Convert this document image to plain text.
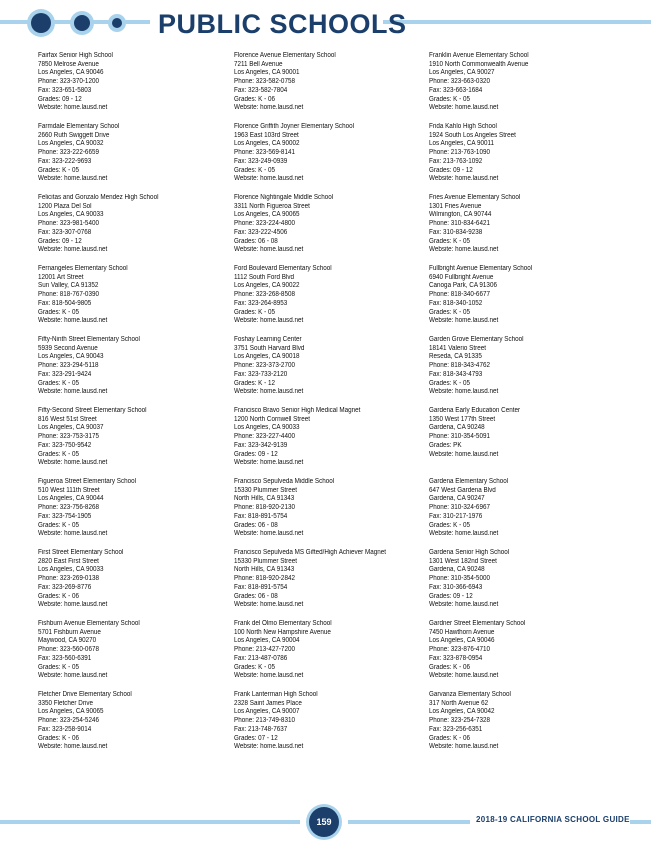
PUBLIC SCHOOLS
Fairfax Senior High School
7850 Melrose Avenue
Los Angeles, CA 90046
Phone: 323-370-1200
Fax: 323-651-5803
Grades: 09 - 12
Website: home.lausd.net
Farmdale Elementary School
2660 Ruth Swiggett Drive
Los Angeles, CA 90032
Phone: 323-222-6659
Fax: 323-222-9693
Grades: K - 05
Website: home.lausd.net
Felicitas and Gonzalo Mendez High School
1200 Plaza Del Sol
Los Angeles, CA 90033
Phone: 323-981-5400
Fax: 323-307-0768
Grades: 09 - 12
Website: home.lausd.net
Fernangeles Elementary School
12001 Art Street
Sun Valley, CA 91352
Phone: 818-767-0390
Fax: 818-504-9805
Grades: K - 05
Website: home.lausd.net
Fifty-Ninth Street Elementary School
5939 Second Avenue
Los Angeles, CA 90043
Phone: 323-294-5118
Fax: 323-291-9424
Grades: K - 05
Website: home.lausd.net
Fifty-Second Street Elementary School
816 West 51st Street
Los Angeles, CA 90037
Phone: 323-753-3175
Fax: 323-750-9542
Grades: K - 05
Website: home.lausd.net
Figueroa Street Elementary School
510 West 111th Street
Los Angeles, CA 90044
Phone: 323-756-8268
Fax: 323-754-1905
Grades: K - 05
Website: home.lausd.net
First Street Elementary School
2820 East First Street
Los Angeles, CA 90033
Phone: 323-269-0138
Fax: 323-269-8776
Grades: K - 06
Website: home.lausd.net
Fishburn Avenue Elementary School
5701 Fishburn Avenue
Maywood, CA 90270
Phone: 323-560-0678
Fax: 323-560-6391
Grades: K - 05
Website: home.lausd.net
Fletcher Drive Elementary School
3350 Fletcher Drive
Los Angeles, CA 90065
Phone: 323-254-5246
Fax: 323-258-9014
Grades: K - 06
Website: home.lausd.net
Florence Avenue Elementary School
7211 Bell Avenue
Los Angeles, CA 90001
Phone: 323-582-0758
Fax: 323-582-7804
Grades: K - 06
Website: home.lausd.net
Florence Griffith Joyner Elementary School
1963 East 103rd Street
Los Angeles, CA 90002
Phone: 323-569-8141
Fax: 323-249-0939
Grades: K - 05
Website: home.lausd.net
Florence Nightingale Middle School
3311 North Figueroa Street
Los Angeles, CA 90065
Phone: 323-224-4800
Fax: 323-222-4506
Grades: 06 - 08
Website: home.lausd.net
Ford Boulevard Elementary School
1112 South Ford Blvd
Los Angeles, CA 90022
Phone: 323-268-8508
Fax: 323-264-8953
Grades: K - 05
Website: home.lausd.net
Foshay Learning Center
3751 South Harvard Blvd
Los Angeles, CA 90018
Phone: 323-373-2700
Fax: 323-733-2120
Grades: K - 12
Website: home.lausd.net
Francisco Bravo Senior High Medical Magnet
1200 North Cornwell Street
Los Angeles, CA 90033
Phone: 323-227-4400
Fax: 323-342-9139
Grades: 09 - 12
Website: home.lausd.net
Francisco Sepulveda Middle School
15330 Plummer Street
North Hills, CA 91343
Phone: 818-920-2130
Fax: 818-891-5754
Grades: 06 - 08
Website: home.lausd.net
Francisco Sepulveda MS Gifted/High Achiever Magnet
15330 Plummer Street
North Hills, CA 91343
Phone: 818-920-2842
Fax: 818-891-5754
Grades: 06 - 08
Website: home.lausd.net
Frank del Olmo Elementary School
100 North New Hampshire Avenue
Los Angeles, CA 90004
Phone: 213-427-7200
Fax: 213-487-0786
Grades: K - 05
Website: home.lausd.net
Frank Lanterman High School
2328 Saint James Place
Los Angeles, CA 90007
Phone: 213-749-8310
Fax: 213-748-7637
Grades: 07 - 12
Website: home.lausd.net
Franklin Avenue Elementary School
1910 North Commonwealth Avenue
Los Angeles, CA 90027
Phone: 323-663-0320
Fax: 323-663-1684
Grades: K - 05
Website: home.lausd.net
Frida Kahlo High School
1924 South Los Angeles Street
Los Angeles, CA 90011
Phone: 213-763-1090
Fax: 213-763-1092
Grades: 09 - 12
Website: home.lausd.net
Fries Avenue Elementary School
1301 Fries Avenue
Wilmington, CA 90744
Phone: 310-834-6421
Fax: 310-834-9238
Grades: K - 05
Website: home.lausd.net
Fullbright Avenue Elementary School
6940 Fullbright Avenue
Canoga Park, CA 91306
Phone: 818-340-6677
Fax: 818-340-1052
Grades: K - 05
Website: home.lausd.net
Garden Grove Elementary School
18141 Valerio Street
Reseda, CA 91335
Phone: 818-343-4762
Fax: 818-343-4793
Grades: K - 05
Website: home.lausd.net
Gardena Early Education Center
1350 West 177th Street
Gardena, CA 90248
Phone: 310-354-5091
Grades: PK
Website: home.lausd.net
Gardena Elementary School
647 West Gardena Blvd
Gardena, CA 90247
Phone: 310-324-6967
Fax: 310-217-1976
Grades: K - 05
Website: home.lausd.net
Gardena Senior High School
1301 West 182nd Street
Gardena, CA 90248
Phone: 310-354-5000
Fax: 310-366-6943
Grades: 09 - 12
Website: home.lausd.net
Gardner Street Elementary School
7450 Hawthorn Avenue
Los Angeles, CA 90046
Phone: 323-876-4710
Fax: 323-878-0954
Grades: K - 06
Website: home.lausd.net
Garvanza Elementary School
317 North Avenue 62
Los Angeles, CA 90042
Phone: 323-254-7328
Fax: 323-256-6351
Grades: K - 06
Website: home.lausd.net
159	2018-19 CALIFORNIA SCHOOL GUIDE
